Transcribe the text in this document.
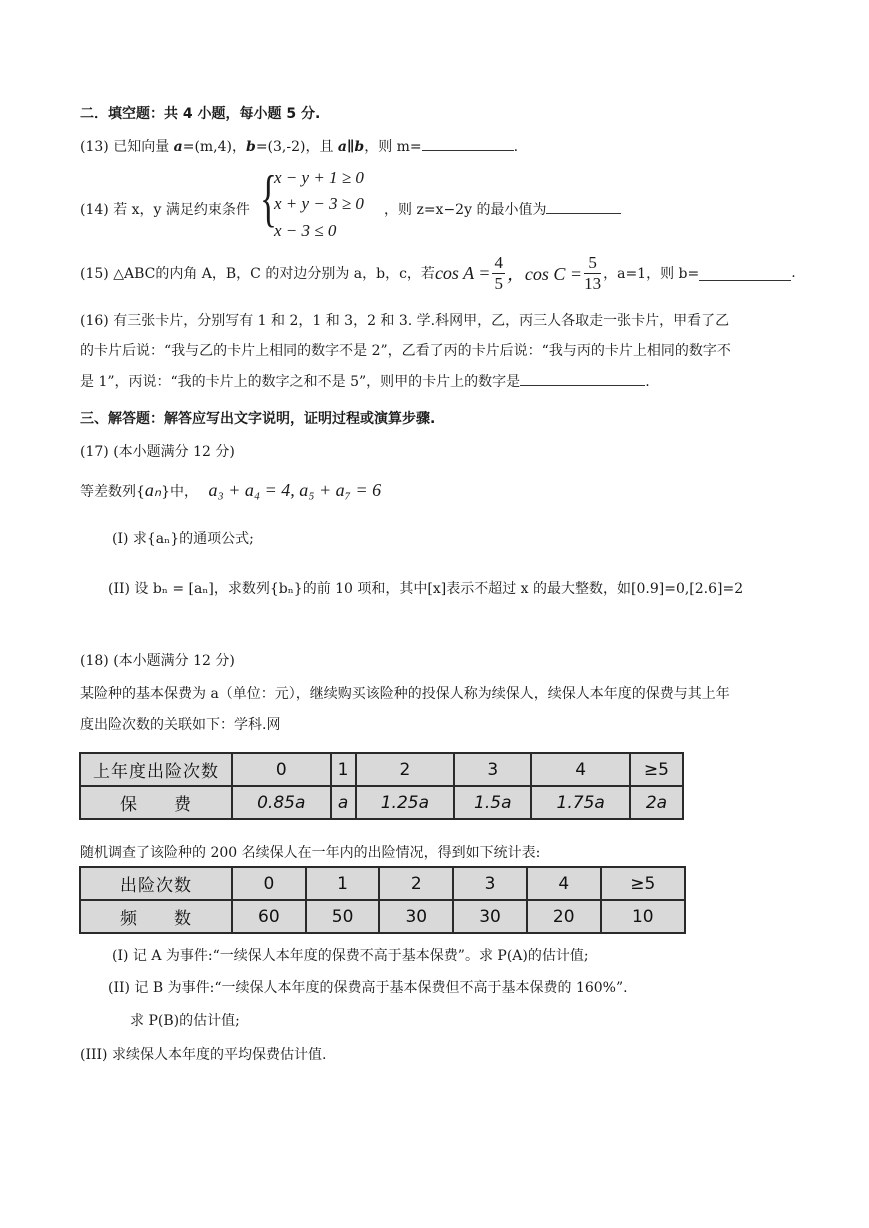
二．填空题：共 4 小题，每小题 5 分.
(13) 已知向量 a=(m,4)，b=(3,-2)，且 a∥b，则 m=	.
(14) 若 x，y 满足约束条件 {
x − y + 1 ≥ 0
x + y − 3 ≥ 0
x − 3 ≤ 0
，则 z=x−2y 的最小值为
(15) △ABC的内角 A，B，C 的对边分别为 a，b，c，若 $\cos A = \frac{4}{5}$ ，$\cos C = \frac{5}{13}$ ，a=1，则 b=	.
(16) 有三张卡片，分别写有 1 和 2，1 和 3，2 和 3. 学.科网甲，乙，丙三人各取走一张卡片，甲看了乙
的卡片后说：“我与乙的卡片上相同的数字不是 2”，乙看了丙的卡片后说：“我与丙的卡片上相同的数字不
是 1”，丙说：“我的卡片上的数字之和不是 5”，则甲的卡片上的数字是	.
三、解答题：解答应写出文字说明，证明过程或演算步骤.
(17) (本小题满分 12 分)
等差数列{aₙ}中， a₃ + a₄ = 4, a₅ + a₇ = 6
(Ⅰ) 求{aₙ}的通项公式;
(II) 设 bₙ = [aₙ]，求数列{bₙ}的前 10 项和，其中[x]表示不超过 x 的最大整数，如[0.9]=0,[2.6]=2
(18) (本小题满分 12 分)
某险种的基本保费为 a（单位：元），继续购买该险种的投保人称为续保人，续保人本年度的保费与其上年
度出险次数的关联如下：学科.网
上年度出险次数	0	1	2	3	4	≥5
保　　费	0.85a	a	1.25a	1.5a	1.75a	2a
随机调查了该险种的 200 名续保人在一年内的出险情况，得到如下统计表:
出险次数	0	1	2	3	4	≥5
频　　数	60	50	30	30	20	10
(Ⅰ) 记 A 为事件:“一续保人本年度的保费不高于基本保费”。求 P(A)的估计值;
(II) 记 B 为事件:“一续保人本年度的保费高于基本保费但不高于基本保费的 160%”.
求 P(B)的估计值;
(III) 求续保人本年度的平均保费估计值.
